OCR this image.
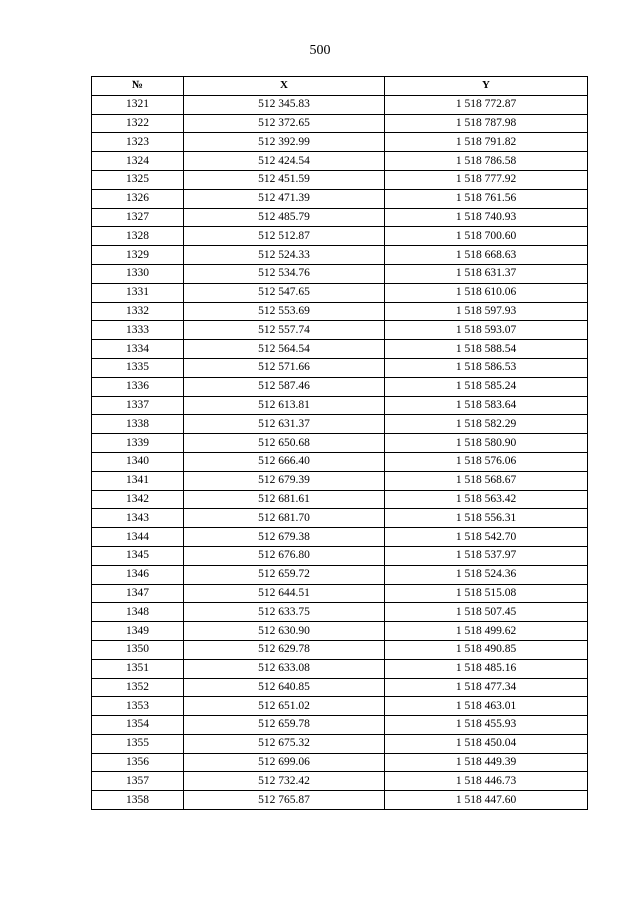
500
№	X	Y
1321	512 345.83	1 518 772.87
1322	512 372.65	1 518 787.98
1323	512 392.99	1 518 791.82
1324	512 424.54	1 518 786.58
1325	512 451.59	1 518 777.92
1326	512 471.39	1 518 761.56
1327	512 485.79	1 518 740.93
1328	512 512.87	1 518 700.60
1329	512 524.33	1 518 668.63
1330	512 534.76	1 518 631.37
1331	512 547.65	1 518 610.06
1332	512 553.69	1 518 597.93
1333	512 557.74	1 518 593.07
1334	512 564.54	1 518 588.54
1335	512 571.66	1 518 586.53
1336	512 587.46	1 518 585.24
1337	512 613.81	1 518 583.64
1338	512 631.37	1 518 582.29
1339	512 650.68	1 518 580.90
1340	512 666.40	1 518 576.06
1341	512 679.39	1 518 568.67
1342	512 681.61	1 518 563.42
1343	512 681.70	1 518 556.31
1344	512 679.38	1 518 542.70
1345	512 676.80	1 518 537.97
1346	512 659.72	1 518 524.36
1347	512 644.51	1 518 515.08
1348	512 633.75	1 518 507.45
1349	512 630.90	1 518 499.62
1350	512 629.78	1 518 490.85
1351	512 633.08	1 518 485.16
1352	512 640.85	1 518 477.34
1353	512 651.02	1 518 463.01
1354	512 659.78	1 518 455.93
1355	512 675.32	1 518 450.04
1356	512 699.06	1 518 449.39
1357	512 732.42	1 518 446.73
1358	512 765.87	1 518 447.60
